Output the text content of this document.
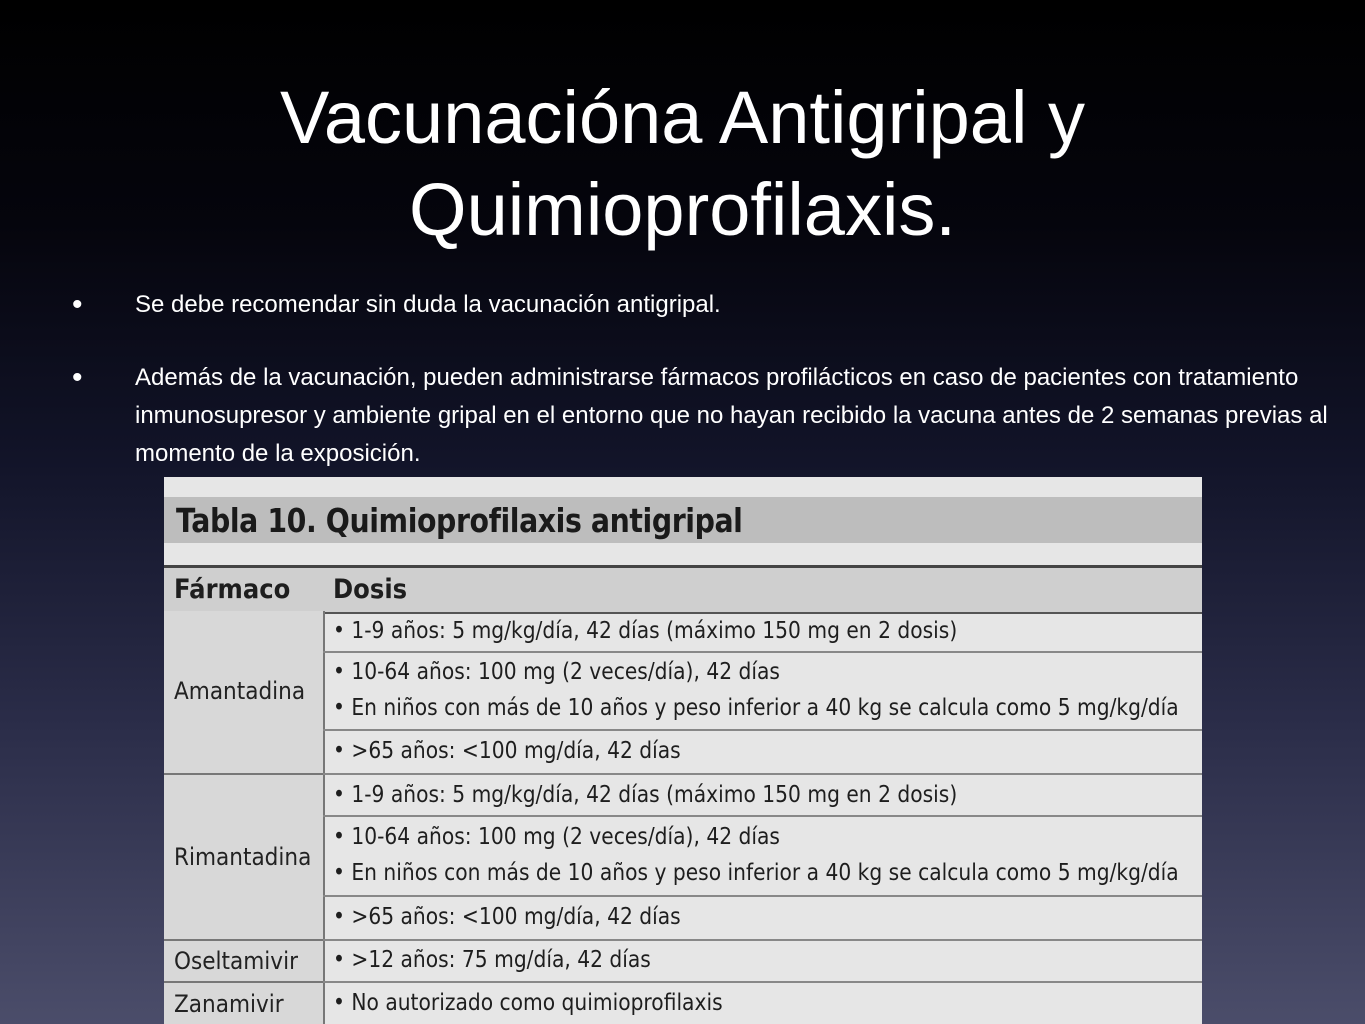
Vacunacióna Antigripal y
Quimioprofilaxis.
• Se debe recomendar sin duda la vacunación antigripal.
• Además de la vacunación, pueden administrarse fármacos profilácticos en caso de pacientes con tratamiento inmunosupresor y ambiente gripal en el entorno que no hayan recibido la vacuna antes de 2 semanas previas al momento de la exposición.
Tabla 10. Quimioprofilaxis antigripal
Fármaco Dosis
Amantadina
• 1-9 años: 5 mg/kg/día, 42 días (máximo 150 mg en 2 dosis)
• 10-64 años: 100 mg (2 veces/día), 42 días
• En niños con más de 10 años y peso inferior a 40 kg se calcula como 5 mg/kg/día
• >65 años: <100 mg/día, 42 días
Rimantadina
• 1-9 años: 5 mg/kg/día, 42 días (máximo 150 mg en 2 dosis)
• 10-64 años: 100 mg (2 veces/día), 42 días
• En niños con más de 10 años y peso inferior a 40 kg se calcula como 5 mg/kg/día
• >65 años: <100 mg/día, 42 días
Oseltamivir • >12 años: 75 mg/día, 42 días
Zanamivir • No autorizado como quimioprofilaxis
